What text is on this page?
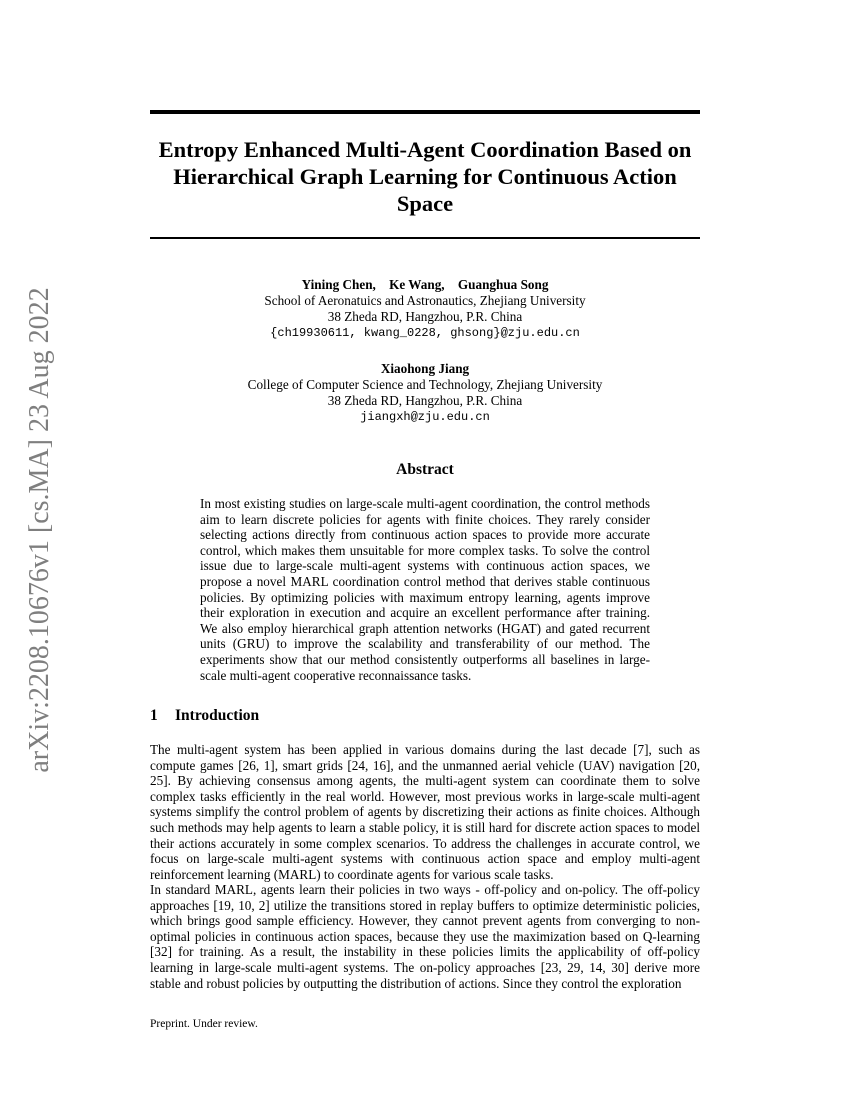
arXiv:2208.10676v1 [cs.MA] 23 Aug 2022
Entropy Enhanced Multi-Agent Coordination Based on Hierarchical Graph Learning for Continuous Action Space
Yining Chen, Ke Wang, Guanghua Song
School of Aeronatuics and Astronautics, Zhejiang University
38 Zheda RD, Hangzhou, P.R. China
{ch19930611, kwang_0228, ghsong}@zju.edu.cn
Xiaohong Jiang
College of Computer Science and Technology, Zhejiang University
38 Zheda RD, Hangzhou, P.R. China
jiangxh@zju.edu.cn
Abstract
In most existing studies on large-scale multi-agent coordination, the control methods aim to learn discrete policies for agents with finite choices. They rarely consider selecting actions directly from continuous action spaces to provide more accurate control, which makes them unsuitable for more complex tasks. To solve the control issue due to large-scale multi-agent systems with continuous action spaces, we propose a novel MARL coordination control method that derives stable continuous policies. By optimizing policies with maximum entropy learning, agents improve their exploration in execution and acquire an excellent performance after training. We also employ hierarchical graph attention networks (HGAT) and gated recurrent units (GRU) to improve the scalability and transferability of our method. The experiments show that our method consistently outperforms all baselines in large-scale multi-agent cooperative reconnaissance tasks.
1 Introduction

The multi-agent system has been applied in various domains during the last decade [7], such as compute games [26, 1], smart grids [24, 16], and the unmanned aerial vehicle (UAV) navigation [20, 25]. By achieving consensus among agents, the multi-agent system can coordinate them to solve complex tasks efficiently in the real world. However, most previous works in large-scale multi-agent systems simplify the control problem of agents by discretizing their actions as finite choices. Although such methods may help agents to learn a stable policy, it is still hard for discrete action spaces to model their actions accurately in some complex scenarios. To address the challenges in accurate control, we focus on large-scale multi-agent systems with continuous action space and employ multi-agent reinforcement learning (MARL) to coordinate agents for various scale tasks.

In standard MARL, agents learn their policies in two ways - off-policy and on-policy. The off-policy approaches [19, 10, 2] utilize the transitions stored in replay buffers to optimize deterministic policies, which brings good sample efficiency. However, they cannot prevent agents from converging to non-optimal policies in continuous action spaces, because they use the maximization based on Q-learning [32] for training. As a result, the instability in these policies limits the applicability of off-policy learning in large-scale multi-agent systems. The on-policy approaches [23, 29, 14, 30] derive more stable and robust policies by outputting the distribution of actions. Since they control the exploration

Preprint. Under review.
